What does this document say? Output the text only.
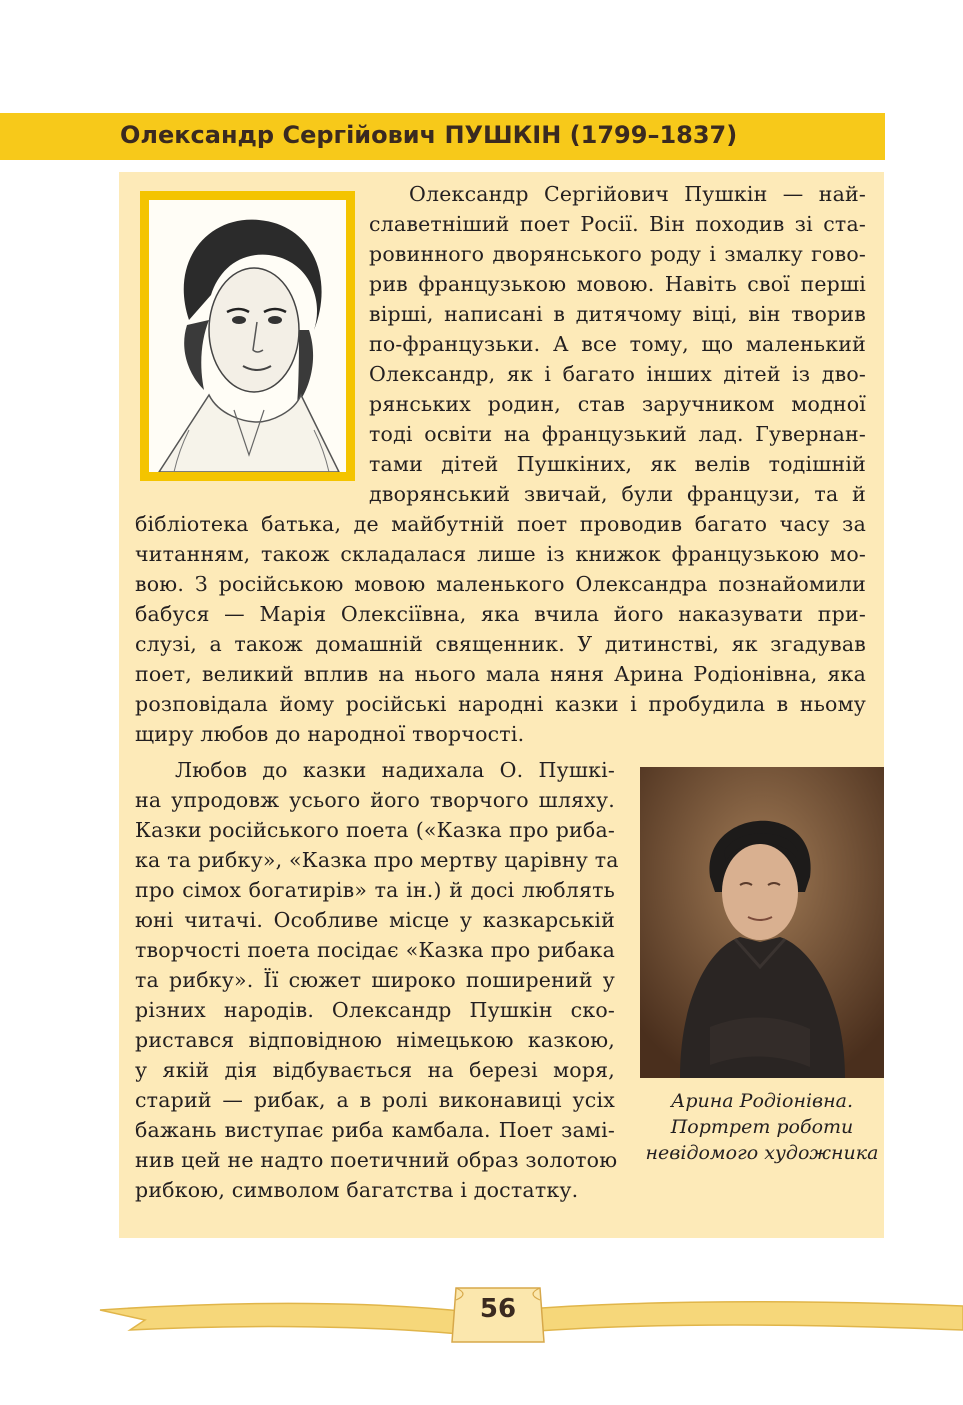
Олександр Сергійович ПУШКІН (1799–1837)
Олександр Сергійович Пушкін — най-
славетніший поет Росії. Він походив зі ста-
ровинного дворянського роду і змалку гово-
рив французькою мовою. Навіть свої перші
вірші, написані в дитячому віці, він творив
по-французьки. А все тому, що маленький
Олександр, як і багато інших дітей із дво-
рянських родин, став заручником модної
тоді освіти на французький лад. Гувернан-
тами дітей Пушкіних, як велів тодішній
дворянський звичай, були французи, та й
бібліотека батька, де майбутній поет проводив багато часу за
читанням, також складалася лише із книжок французькою мо-
вою. З російською мовою маленького Олександра познайомили
бабуся — Марія Олексіївна, яка вчила його наказувати при-
слузі, а також домашній священник. У дитинстві, як згадував
поет, великий вплив на нього мала няня Арина Родіонівна, яка
розповідала йому російські народні казки і пробудила в ньому
щиру любов до народної творчості.
Любов до казки надихала О. Пушкі-
на упродовж усього його творчого шляху.
Казки російського поета («Казка про риба-
ка та рибку», «Казка про мертву царівну та
про сімох богатирів» та ін.) й досі люблять
юні читачі. Особливе місце у казкарській
творчості поета посідає «Казка про рибака
та рибку». Її сюжет широко поширений у
різних народів. Олександр Пушкін ско-
ристався відповідною німецькою казкою,
у якій дія відбувається на березі моря,
старий — рибак, а в ролі виконавиці усіх
бажань виступає риба камбала. Поет замі-
нив цей не надто поетичний образ золотою
рибкою, символом багатства і достатку.
Арина Родіонівна.
Портрет роботи
невідомого художника
56
